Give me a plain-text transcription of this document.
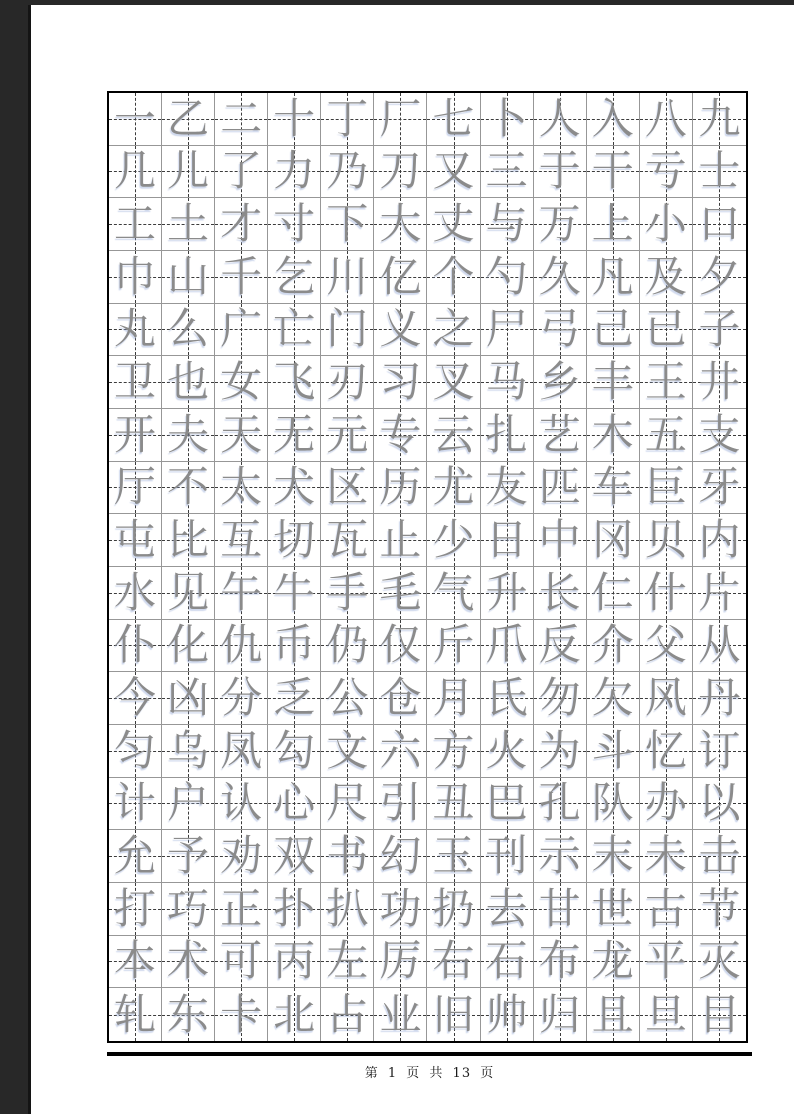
一 乙 二 十 丁 厂 七 卜 人 入 八 九
几 儿 了 力 乃 刀 又 三 于 干 亏 士
工 土 才 寸 下 大 丈 与 万 上 小 口
巾 山 千 乞 川 亿 个 勺 久 凡 及 夕
丸 么 广 亡 门 义 之 尸 弓 己 已 子
卫 也 女 飞 刃 习 叉 马 乡 丰 王 井
开 夫 天 无 元 专 云 扎 艺 木 五 支
厅 不 太 犬 区 历 尤 友 匹 车 巨 牙
屯 比 互 切 瓦 止 少 日 中 冈 贝 内
水 见 午 牛 手 毛 气 升 长 仁 什 片
仆 化 仇 币 仍 仅 斤 爪 反 介 父 从
今 凶 分 乏 公 仓 月 氏 勿 欠 风 丹
匀 乌 凤 勾 文 六 方 火 为 斗 忆 订
计 户 认 心 尺 引 丑 巴 孔 队 办 以
允 予 劝 双 书 幻 玉 刊 示 末 未 击
打 巧 正 扑 扒 功 扔 去 甘 世 古 节
本 术 可 丙 左 厉 右 石 布 龙 平 灭
轧 东 卡 北 占 业 旧 帅 归 且 旦 目
第 1 页 共 13 页
